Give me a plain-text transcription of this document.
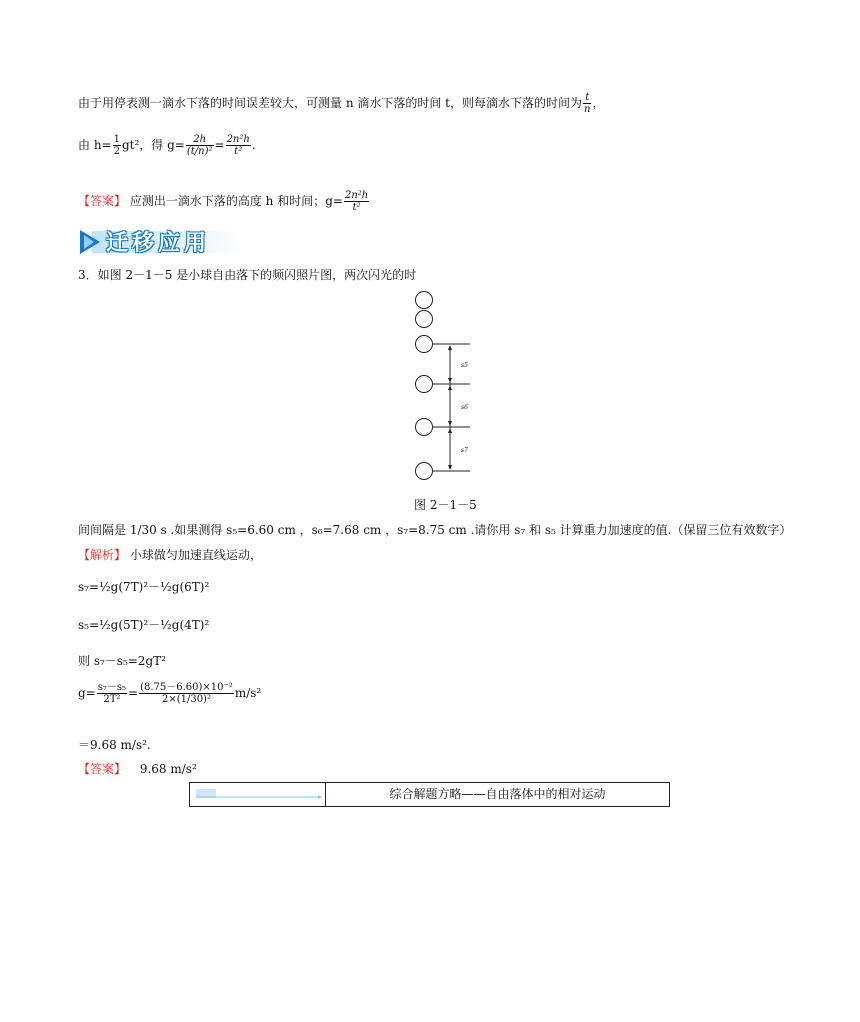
由于用停表测一滴水下落的时间误差较大，可测量 n 滴水下落的时间 t，则每滴水下落的时间为 $\frac{t}{n}$ ，
由 $h= \frac{1}{2} gt^2$，得 $g= \frac{2h}{\text{(t/n)²}} = \frac{\text{2n²h}}{\text{t²}}$ .
【答案】 应测出一滴水下落的高度 h 和时间；$g= \frac{\text{2n²h}}{\text{t²}}$
迁移应用
3．如图 2－1－5 是小球自由落下的频闪照片图，两次闪光的时
s5
s6
s7
图 2－1－5
间间隔是 1/30 s .如果测得 s₅=6.60 cm ，s₆=7.68 cm ，s₇=8.75 cm .请你用 s₇ 和 s₅ 计算重力加速度的值.（保留三位有效数字）
【解析】 小球做匀加速直线运动，
s₇=½g(7T)²－½g(6T)²
s₅=½g(5T)²－½g(4T)²
则 s₇－s₅=2gT²
$g= \frac{\text{s₇－s₅}}{\text{2T²}} = \frac{\text{(8.75－6.60)×10⁻²}}{\text{2×(1/30)²}} m/s^2$
＝9.68 m/s².
【答案】 9.68 m/s²
综合解题方略——自由落体中的相对运动
